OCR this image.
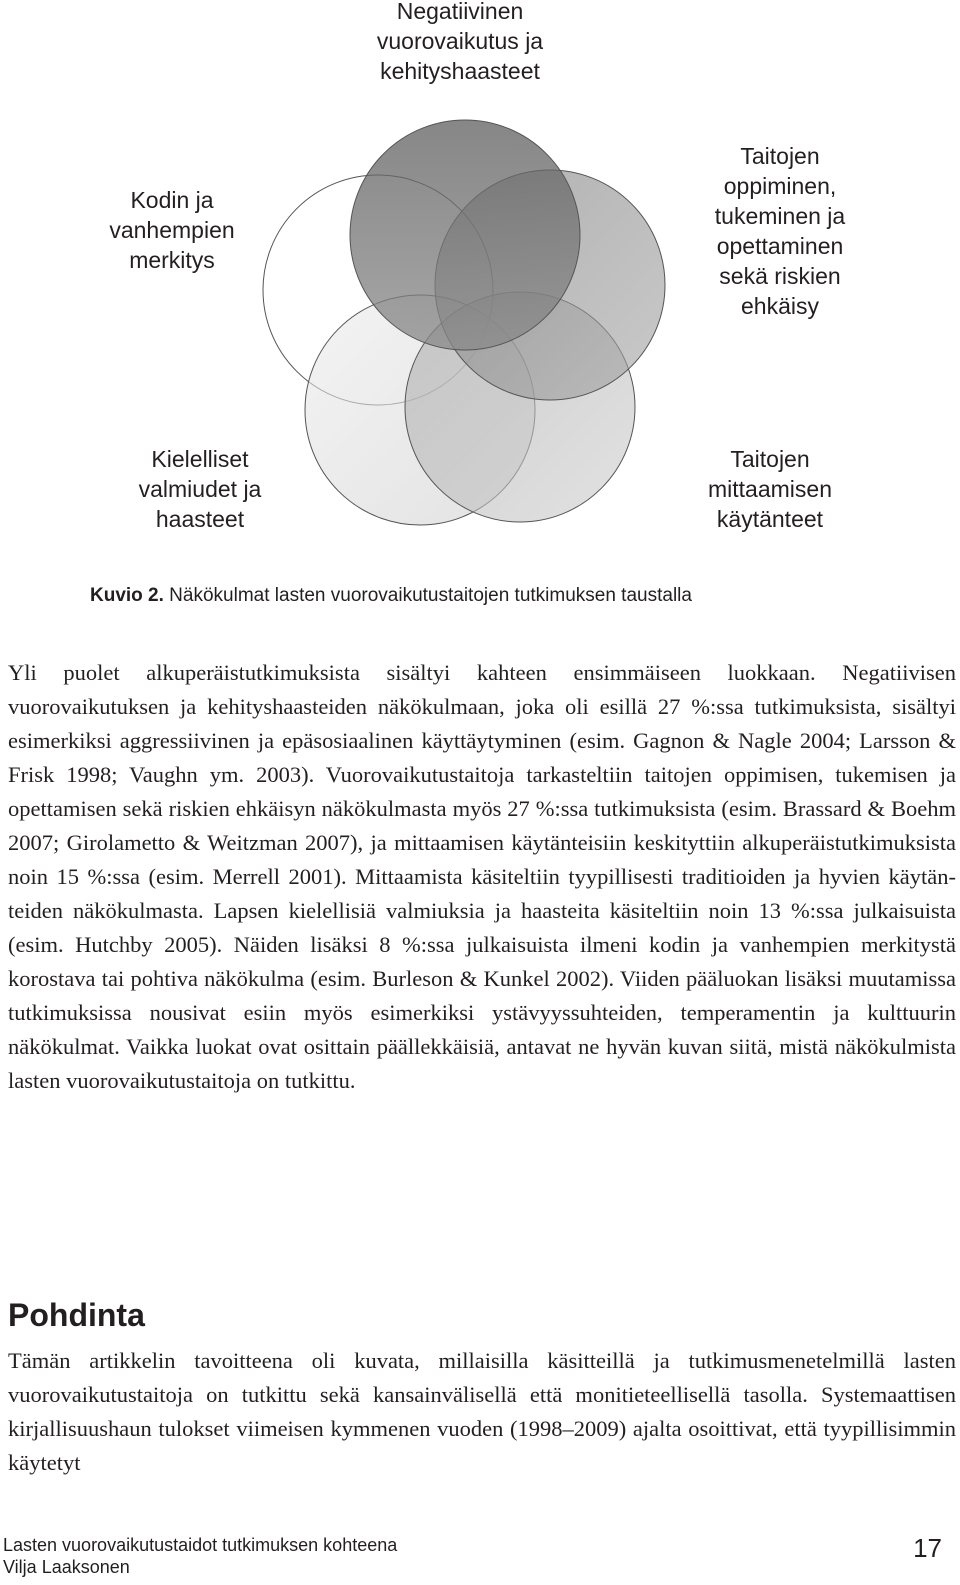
Negatiivinen
vuorovaikutus ja
kehityshaasteet
Taitojen
oppiminen,
tukeminen ja
opettaminen
sekä riskien
ehkäisy
Taitojen
mittaamisen
käytänteet
Kielelliset
valmiudet ja
haasteet
Kodin ja
vanhempien
merkitys
Kuvio 2. Näkökulmat lasten vuorovaikutustaitojen tutkimuksen taustalla

Yli puolet alkuperäistutkimuksista sisältyi kahteen ensimmäiseen luokkaan. Negatiivisen vuorovaikutuksen ja kehityshaasteiden näkökulmaan, joka oli esillä 27 %:ssa tutkimuksista, sisältyi esimerkiksi aggressiivinen ja epäsosiaalinen käyttäytyminen (esim. Gagnon & Nagle 2004; Larsson & Frisk 1998; Vaughn ym. 2003). Vuorovaikutustaitoja tarkasteltiin taitojen oppimisen, tukemisen ja opettamisen sekä riskien ehkäisyn näkökulmasta myös 27 %:ssa tutkimuksista (esim. Brassard & Boehm 2007; Girolametto & Weitzman 2007), ja mittaamisen käytänteisiin keskityttiin alkuperäistutkimuksista noin 15 %:ssa (esim. Merrell 2001). Mittaamista käsiteltiin tyypillisesti traditioiden ja hyvien käytänteiden näkökulmasta. Lapsen kielellisiä valmiuksia ja haasteita käsiteltiin noin 13 %:ssa julkaisuista (esim. Hutchby 2005). Näiden lisäksi 8 %:ssa julkaisuista ilmeni kodin ja vanhempien merkitystä korostava tai pohtiva näkökulma (esim. Burleson & Kunkel 2002). Viiden pääluokan lisäksi muutamissa tutkimuksissa nousivat esiin myös esimerkiksi ystävyyssuhteiden, temperamentin ja kulttuurin näkökulmat. Vaikka luokat ovat osittain päällekkäisiä, antavat ne hyvän kuvan siitä, mistä näkökulmista lasten vuorovaikutustaitoja on tutkittu.

Pohdinta

Tämän artikkelin tavoitteena oli kuvata, millaisilla käsitteillä ja tutkimusmenetelmillä lasten vuorovaikutustaitoja on tutkittu sekä kansainvälisellä että monitieteellisellä tasolla. Systemaattisen kirjallisuushaun tulokset viimeisen kymmenen vuoden (1998–2009) ajalta osoittivat, että tyypillisimmin käytetyt

Lasten vuorovaikutustaidot tutkimuksen kohteena
Vilja Laaksonen
17
